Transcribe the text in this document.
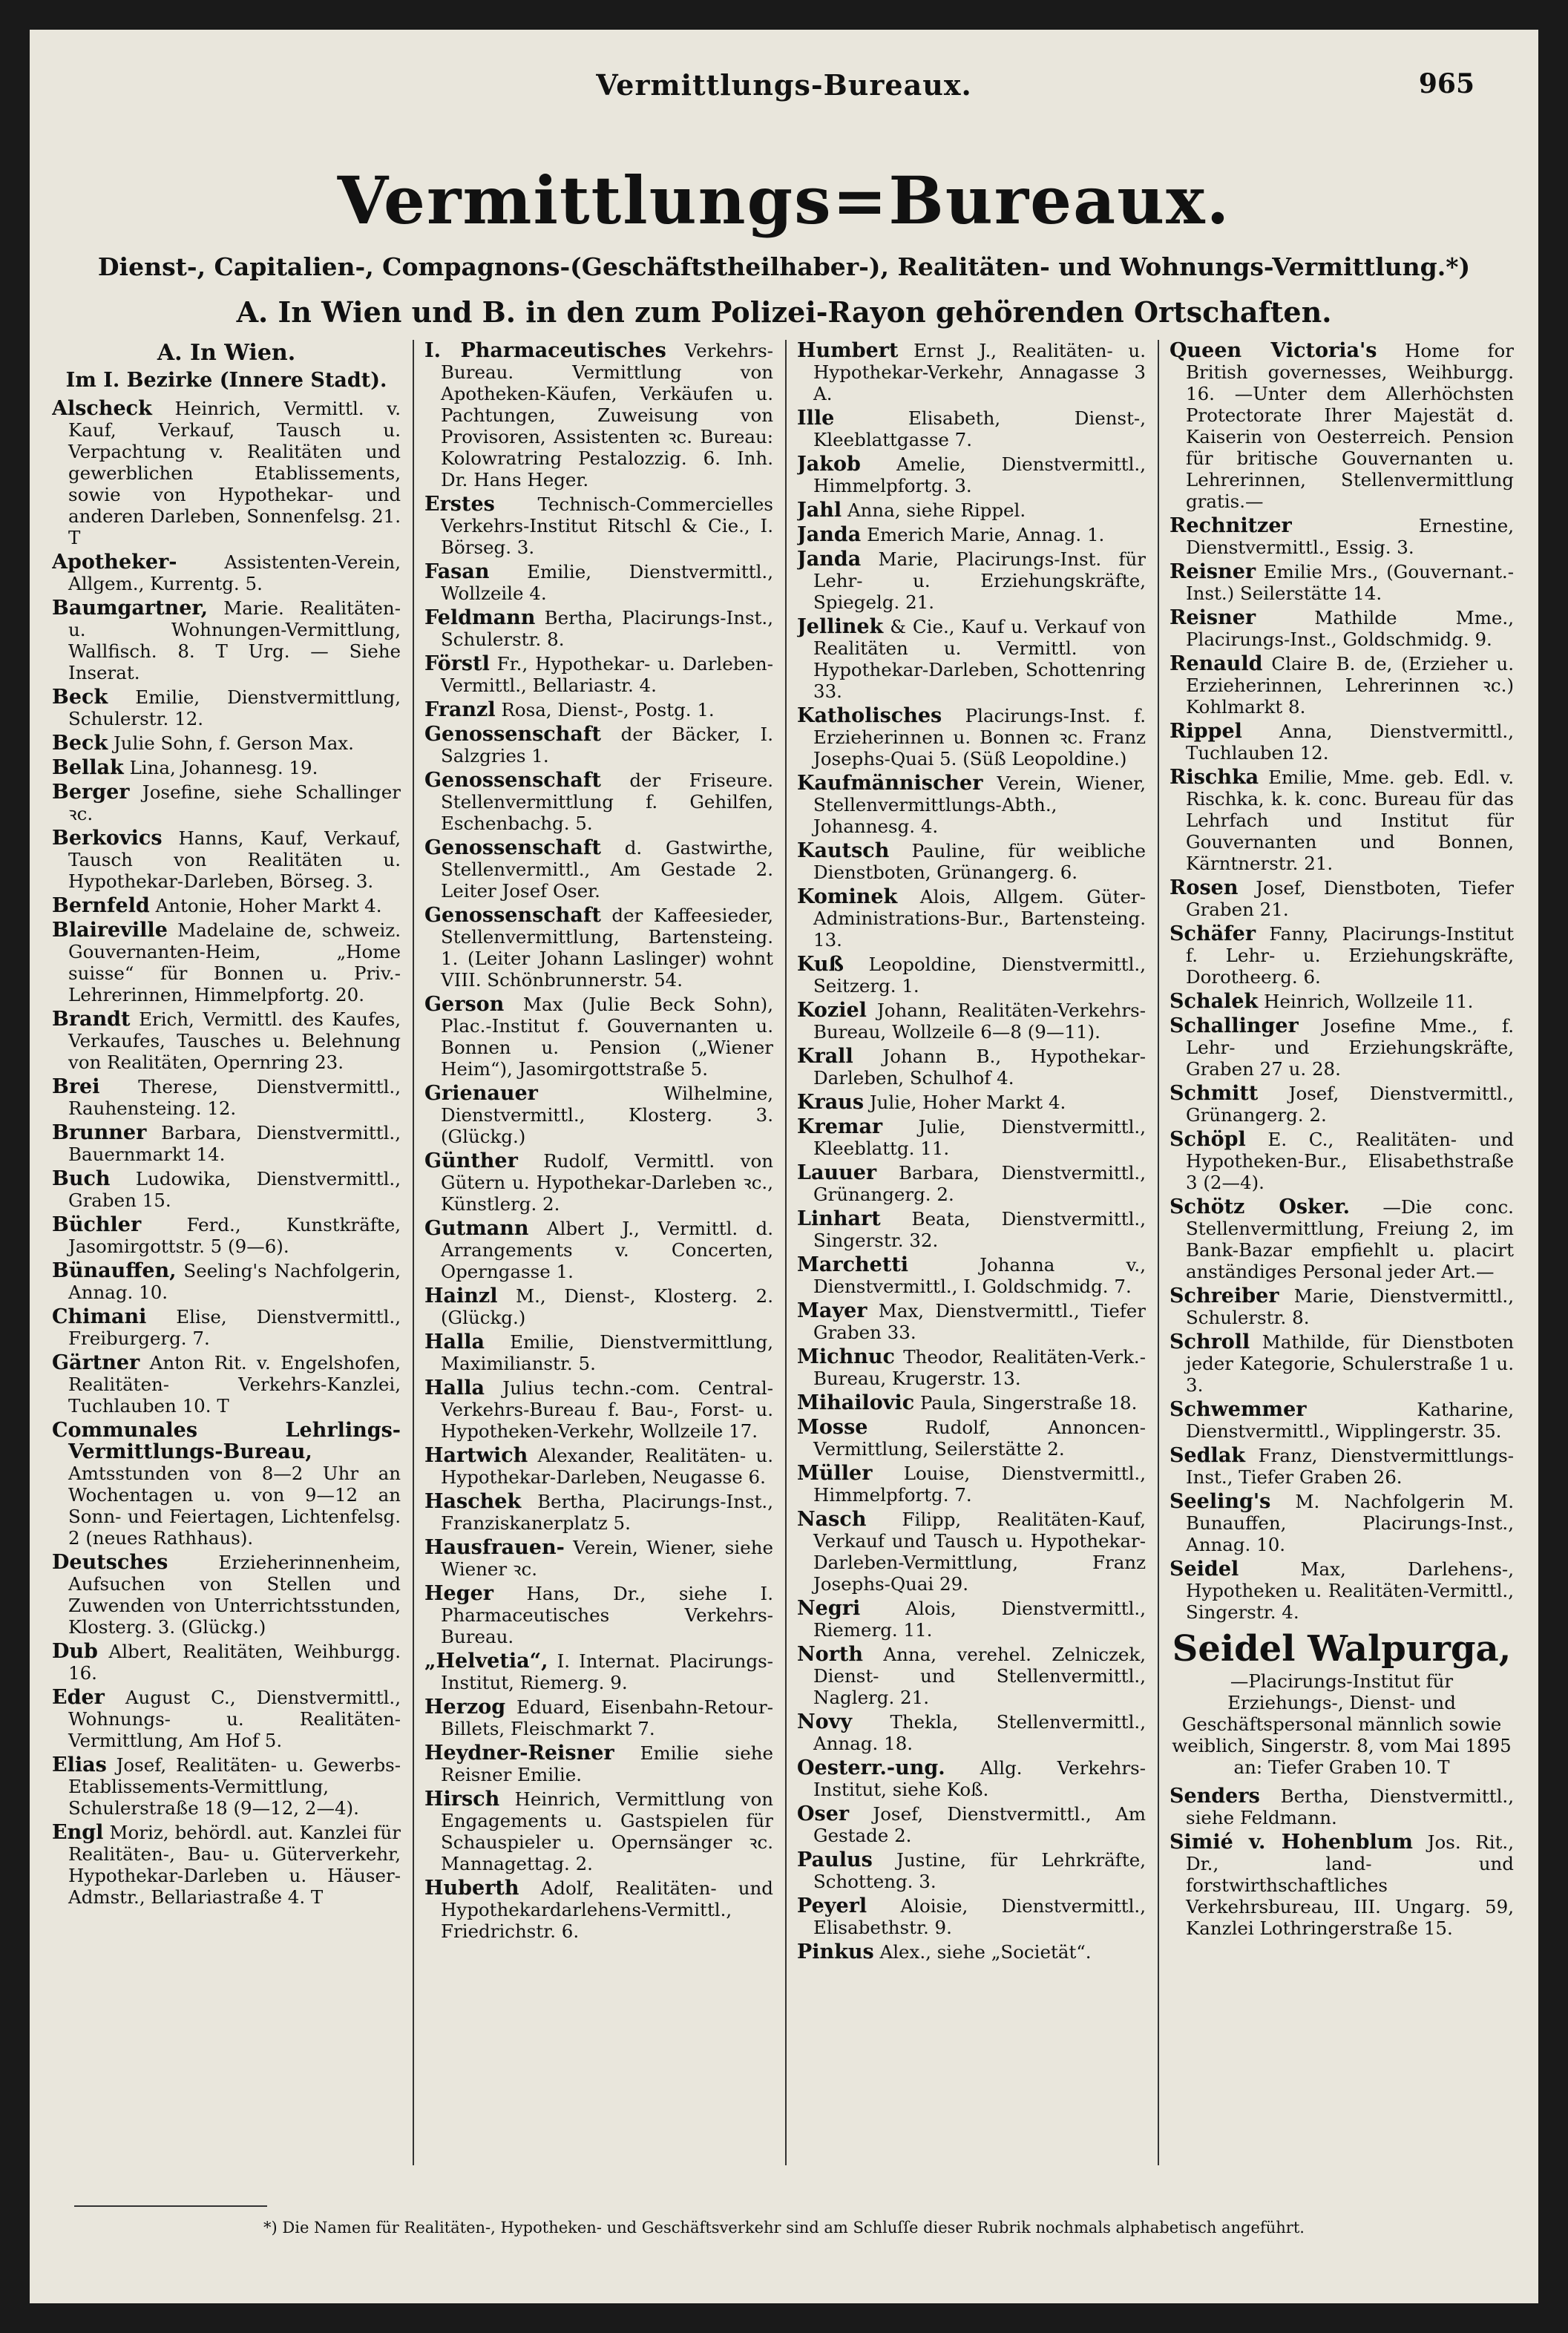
Vermittlungs-Bureaux.	965
Vermittlungs=Bureaux.
Dienst-, Capitalien-, Compagnons-(Geschäftstheilhaber-), Realitäten- und Wohnungs-Vermittlung.*)
A. In Wien und B. in den zum Polizei-Rayon gehörenden Ortschaften.
A. In Wien.
Im I. Bezirke (Innere Stadt).

Alscheck Heinrich, Vermittl. v. Kauf, Verkauf, Tausch u. Verpachtung v. Realitäten und gewerblichen Etablissements, sowie von Hypothekar- und anderen Darleben, Sonnenfelsg. 21. T

Apotheker- Assistenten-Verein, Allgem., Kurrentg. 5.

Baumgartner, Marie. Realitäten- u. Wohnungen-Vermittlung, Wallfisch. 8. T Urg. — Siehe Inserat.

Beck Emilie, Dienstvermittlung, Schulerstr. 12.

Beck Julie Sohn, f. Gerson Max.

Bellak Lina, Johannesg. 19.

Berger Josefine, siehe Schallinger ꝛc.

Berkovics Hanns, Kauf, Verkauf, Tausch von Realitäten u. Hypothekar-Darleben, Börseg. 3.

Bernfeld Antonie, Hoher Markt 4.

Blaireville Madelaine de, schweiz. Gouvernanten-Heim, „Home suisse“ für Bonnen u. Priv.-Lehrerinnen, Himmelpfortg. 20.

Brandt Erich, Vermittl. des Kaufes, Verkaufes, Tausches u. Belehnung von Realitäten, Opernring 23.

Brei Therese, Dienstvermittl., Rauhensteing. 12.

Brunner Barbara, Dienstvermittl., Bauernmarkt 14.

Buch Ludowika, Dienstvermittl., Graben 15.

Büchler Ferd., Kunstkräfte, Jasomirgottstr. 5 (9—6).

Bünauffen, Seeling's Nachfolgerin, Annag. 10.

Chimani Elise, Dienstvermittl., Freiburgerg. 7.

Gärtner Anton Rit. v. Engelshofen, Realitäten- Verkehrs-Kanzlei, Tuchlauben 10. T

Communales Lehrlings-Vermittlungs-Bureau, Amtsstunden von 8—2 Uhr an Wochentagen u. von 9—12 an Sonn- und Feiertagen, Lichtenfelsg. 2 (neues Rathhaus).

Deutsches Erzieherinnenheim, Aufsuchen von Stellen und Zuwenden von Unterrichtsstunden, Klosterg. 3. (Glückg.)

Dub Albert, Realitäten, Weihburgg. 16.

Eder August C., Dienstvermittl., Wohnungs- u. Realitäten-Vermittlung, Am Hof 5.

Elias Josef, Realitäten- u. Gewerbs-Etablissements-Vermittlung, Schulerstraße 18 (9—12, 2—4).

Engl Moriz, behördl. aut. Kanzlei für Realitäten-, Bau- u. Güterverkehr, Hypothekar-Darleben u. Häuser-Admstr., Bellariastraße 4. T

I. Pharmaceutisches Verkehrs-Bureau. Vermittlung von Apotheken-Käufen, Verkäufen u. Pachtungen, Zuweisung von Provisoren, Assistenten ꝛc. Bureau: Kolowratring Pestalozzig. 6. Inh. Dr. Hans Heger.

Erstes Technisch-Commercielles Verkehrs-Institut Ritschl & Cie., I. Börseg. 3.

Fasan Emilie, Dienstvermittl., Wollzeile 4.

Feldmann Bertha, Placirungs-Inst., Schulerstr. 8.

Förstl Fr., Hypothekar- u. Darleben-Vermittl., Bellariastr. 4.

Franzl Rosa, Dienst-, Postg. 1.

Genossenschaft der Bäcker, I. Salzgries 1.

Genossenschaft der Friseure. Stellenvermittlung f. Gehilfen, Eschenbachg. 5.

Genossenschaft d. Gastwirthe, Stellenvermittl., Am Gestade 2. Leiter Josef Oser.

Genossenschaft der Kaffeesieder, Stellenvermittlung, Bartensteing. 1. (Leiter Johann Laslinger) wohnt VIII. Schönbrunnerstr. 54.

Gerson Max (Julie Beck Sohn), Plac.-Institut f. Gouvernanten u. Bonnen u. Pension („Wiener Heim“), Jasomirgottstraße 5.

Grienauer Wilhelmine, Dienstvermittl., Klosterg. 3. (Glückg.)

Günther Rudolf, Vermittl. von Gütern u. Hypothekar-Darleben ꝛc., Künstlerg. 2.

Gutmann Albert J., Vermittl. d. Arrangements v. Concerten, Operngasse 1.

Hainzl M., Dienst-, Klosterg. 2. (Glückg.)

Halla Emilie, Dienstvermittlung, Maximilianstr. 5.

Halla Julius techn.-com. Central-Verkehrs-Bureau f. Bau-, Forst- u. Hypotheken-Verkehr, Wollzeile 17.

Hartwich Alexander, Realitäten- u. Hypothekar-Darleben, Neugasse 6.

Haschek Bertha, Placirungs-Inst., Franziskanerplatz 5.

Hausfrauen- Verein, Wiener, siehe Wiener ꝛc.

Heger Hans, Dr., siehe I. Pharmaceutisches Verkehrs-Bureau.

„Helvetia“, I. Internat. Placirungs-Institut, Riemerg. 9.

Herzog Eduard, Eisenbahn-Retour-Billets, Fleischmarkt 7.

Heydner-Reisner Emilie siehe Reisner Emilie.

Hirsch Heinrich, Vermittlung von Engagements u. Gastspielen für Schauspieler u. Opernsänger ꝛc. Mannagettag. 2.

Huberth Adolf, Realitäten- und Hypothekardarlehens-Vermittl., Friedrichstr. 6.

Humbert Ernst J., Realitäten- u. Hypothekar-Verkehr, Annagasse 3 A.

Ille Elisabeth, Dienst-, Kleeblattgasse 7.

Jakob Amelie, Dienstvermittl., Himmelpfortg. 3.

Jahl Anna, siehe Rippel.

Janda Emerich Marie, Annag. 1.

Janda Marie, Placirungs-Inst. für Lehr- u. Erziehungskräfte, Spiegelg. 21.

Jellinek & Cie., Kauf u. Verkauf von Realitäten u. Vermittl. von Hypothekar-Darleben, Schottenring 33.

Katholisches Placirungs-Inst. f. Erzieherinnen u. Bonnen ꝛc. Franz Josephs-Quai 5. (Süß Leopoldine.)

Kaufmännischer Verein, Wiener, Stellenvermittlungs-Abth., Johannesg. 4.

Kautsch Pauline, für weibliche Dienstboten, Grünangerg. 6.

Kominek Alois, Allgem. Güter-Administrations-Bur., Bartensteing. 13.

Kuß Leopoldine, Dienstvermittl., Seitzerg. 1.

Koziel Johann, Realitäten-Verkehrs-Bureau, Wollzeile 6—8 (9—11).

Krall Johann B., Hypothekar-Darleben, Schulhof 4.

Kraus Julie, Hoher Markt 4.

Kremar Julie, Dienstvermittl., Kleeblattg. 11.

Lauuer Barbara, Dienstvermittl., Grünangerg. 2.

Linhart Beata, Dienstvermittl., Singerstr. 32.

Marchetti Johanna v., Dienstvermittl., I. Goldschmidg. 7.

Mayer Max, Dienstvermittl., Tiefer Graben 33.

Michnuc Theodor, Realitäten-Verk.-Bureau, Krugerstr. 13.

Mihailovic Paula, Singerstraße 18.

Mosse Rudolf, Annoncen-Vermittlung, Seilerstätte 2.

Müller Louise, Dienstvermittl., Himmelpfortg. 7.

Nasch Filipp, Realitäten-Kauf, Verkauf und Tausch u. Hypothekar-Darleben-Vermittlung, Franz Josephs-Quai 29.

Negri Alois, Dienstvermittl., Riemerg. 11.

North Anna, verehel. Zelniczek, Dienst- und Stellenvermittl., Naglerg. 21.

Novy Thekla, Stellenvermittl., Annag. 18.

Oesterr.-ung. Allg. Verkehrs-Institut, siehe Koß.

Oser Josef, Dienstvermittl., Am Gestade 2.

Paulus Justine, für Lehrkräfte, Schotteng. 3.

Peyerl Aloisie, Dienstvermittl., Elisabethstr. 9.

Pinkus Alex., siehe „Societät“.

Queen Victoria's Home for British governesses, Weihburgg. 16. —Unter dem Allerhöchsten Protectorate Ihrer Majestät d. Kaiserin von Oesterreich. Pension für britische Gouvernanten u. Lehrerinnen, Stellenvermittlung gratis.—

Rechnitzer Ernestine, Dienstvermittl., Essig. 3.

Reisner Emilie Mrs., (Gouvernant.-Inst.) Seilerstätte 14.

Reisner Mathilde Mme., Placirungs-Inst., Goldschmidg. 9.

Renauld Claire B. de, (Erzieher u. Erzieherinnen, Lehrerinnen ꝛc.) Kohlmarkt 8.

Rippel Anna, Dienstvermittl., Tuchlauben 12.

Rischka Emilie, Mme. geb. Edl. v. Rischka, k. k. conc. Bureau für das Lehrfach und Institut für Gouvernanten und Bonnen, Kärntnerstr. 21.

Rosen Josef, Dienstboten, Tiefer Graben 21.

Schäfer Fanny, Placirungs-Institut f. Lehr- u. Erziehungskräfte, Dorotheerg. 6.

Schalek Heinrich, Wollzeile 11.

Schallinger Josefine Mme., f. Lehr- und Erziehungskräfte, Graben 27 u. 28.

Schmitt Josef, Dienstvermittl., Grünangerg. 2.

Schöpl E. C., Realitäten- und Hypotheken-Bur., Elisabethstraße 3 (2—4).

Schötz Osker. —Die conc. Stellenvermittlung, Freiung 2, im Bank-Bazar empfiehlt u. placirt anständiges Personal jeder Art.—

Schreiber Marie, Dienstvermittl., Schulerstr. 8.

Schroll Mathilde, für Dienstboten jeder Kategorie, Schulerstraße 1 u. 3.

Schwemmer Katharine, Dienstvermittl., Wipplingerstr. 35.

Sedlak Franz, Dienstvermittlungs-Inst., Tiefer Graben 26.

Seeling's M. Nachfolgerin M. Bunauffen, Placirungs-Inst., Annag. 10.

Seidel Max, Darlehens-, Hypotheken u. Realitäten-Vermittl., Singerstr. 4.

Seidel Walpurga,
—Placirungs-Institut für Erziehungs-, Dienst- und Geschäftspersonal männlich sowie weiblich, Singerstr. 8, vom Mai 1895 an: Tiefer Graben 10. T

Senders Bertha, Dienstvermittl., siehe Feldmann.

Simié v. Hohenblum Jos. Rit., Dr., land- und forstwirthschaftliches Verkehrsbureau, III. Ungarg. 59, Kanzlei Lothringerstraße 15.

*) Die Namen für Realitäten-, Hypotheken- und Geschäftsverkehr sind am Schluſſe dieser Rubrik nochmals alphabetisch angeführt.
